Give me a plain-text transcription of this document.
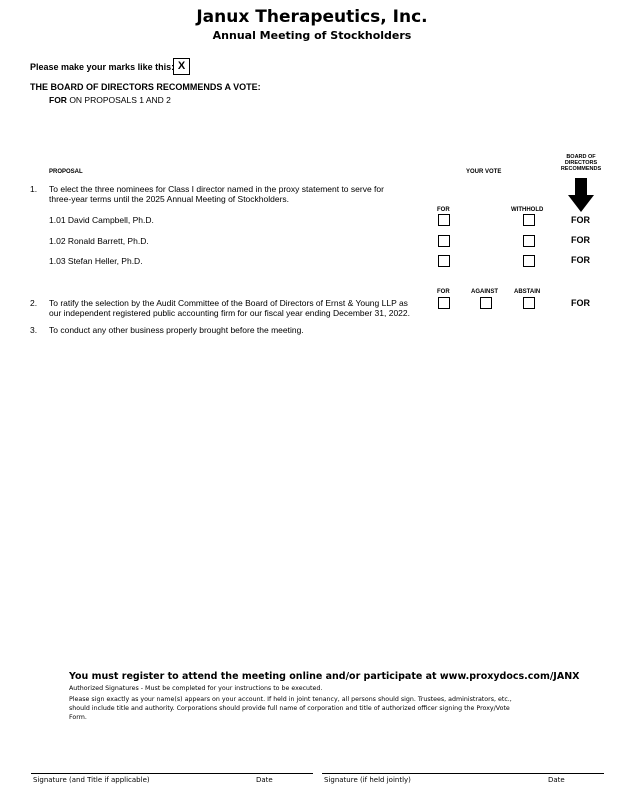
Janux Therapeutics, Inc.
Annual Meeting of Stockholders
Please make your marks like this: X
THE BOARD OF DIRECTORS RECOMMENDS A VOTE:
FOR ON PROPOSALS 1 AND 2
PROPOSAL	YOUR VOTE
BOARD OF
DIRECTORS
RECOMMENDS
1. To elect the three nominees for Class I director named in the proxy statement to serve for
three-year terms until the 2025 Annual Meeting of Stockholders.
FOR	WITHHOLD
1.01 David Campbell, Ph.D.	FOR
1.02 Ronald Barrett, Ph.D.	FOR
1.03 Stefan Heller, Ph.D.	FOR
FOR	AGAINST	ABSTAIN
2. To ratify the selection by the Audit Committee of the Board of Directors of Ernst & Young LLP as
our independent registered public accounting firm for our fiscal year ending December 31, 2022.
FOR
3. To conduct any other business properly brought before the meeting.
You must register to attend the meeting online and/or participate at www.proxydocs.com/JANX
Authorized Signatures - Must be completed for your instructions to be executed.
Please sign exactly as your name(s) appears on your account. If held in joint tenancy, all persons should sign. Trustees, administrators, etc.,
should include title and authority. Corporations should provide full name of corporation and title of authorized officer signing the Proxy/Vote
Form.
Signature (and Title if applicable)	Date	Signature (if held jointly)	Date
